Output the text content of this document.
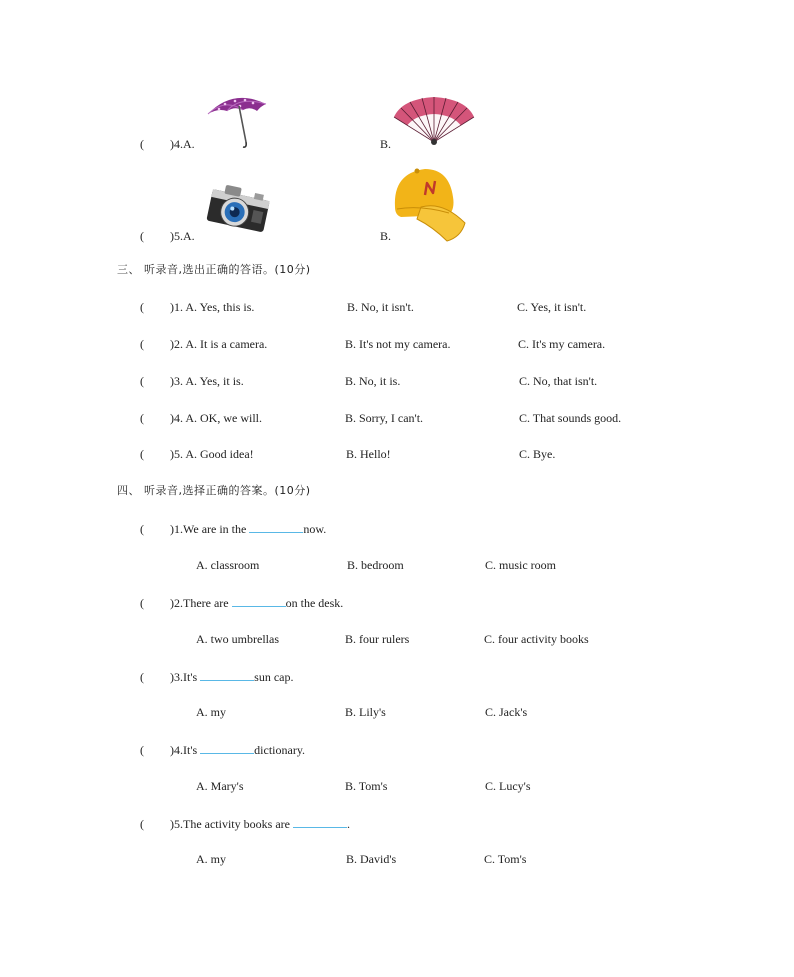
( )4. A.	B.
( )5. A.	B.
三、 听录音,选出正确的答语。(10分)
( )1. A. Yes, this is.	B. No, it isn't.	C. Yes, it isn't.
( )2. A. It is a camera.	B. It's not my camera.	C. It's my camera.
( )3. A. Yes, it is.	B. No, it is.	C. No, that isn't.
( )4. A. OK, we will.	B. Sorry, I can't.	C. That sounds good.
( )5. A. Good idea!	B. Hello!	C. Bye.
四、 听录音,选择正确的答案。(10分)
( )1.We are in the	now.
A. classroom	B. bedroom	C. music room
( )2.There are	on the desk.
A. two umbrellas	B. four rulers	C. four activity books
( )3.It's	sun cap.
A. my	B. Lily's	C. Jack's
( )4.It's	dictionary.
A. Mary's	B. Tom's	C. Lucy's
( )5.The activity books are	.
A. my	B. David's	C. Tom's
